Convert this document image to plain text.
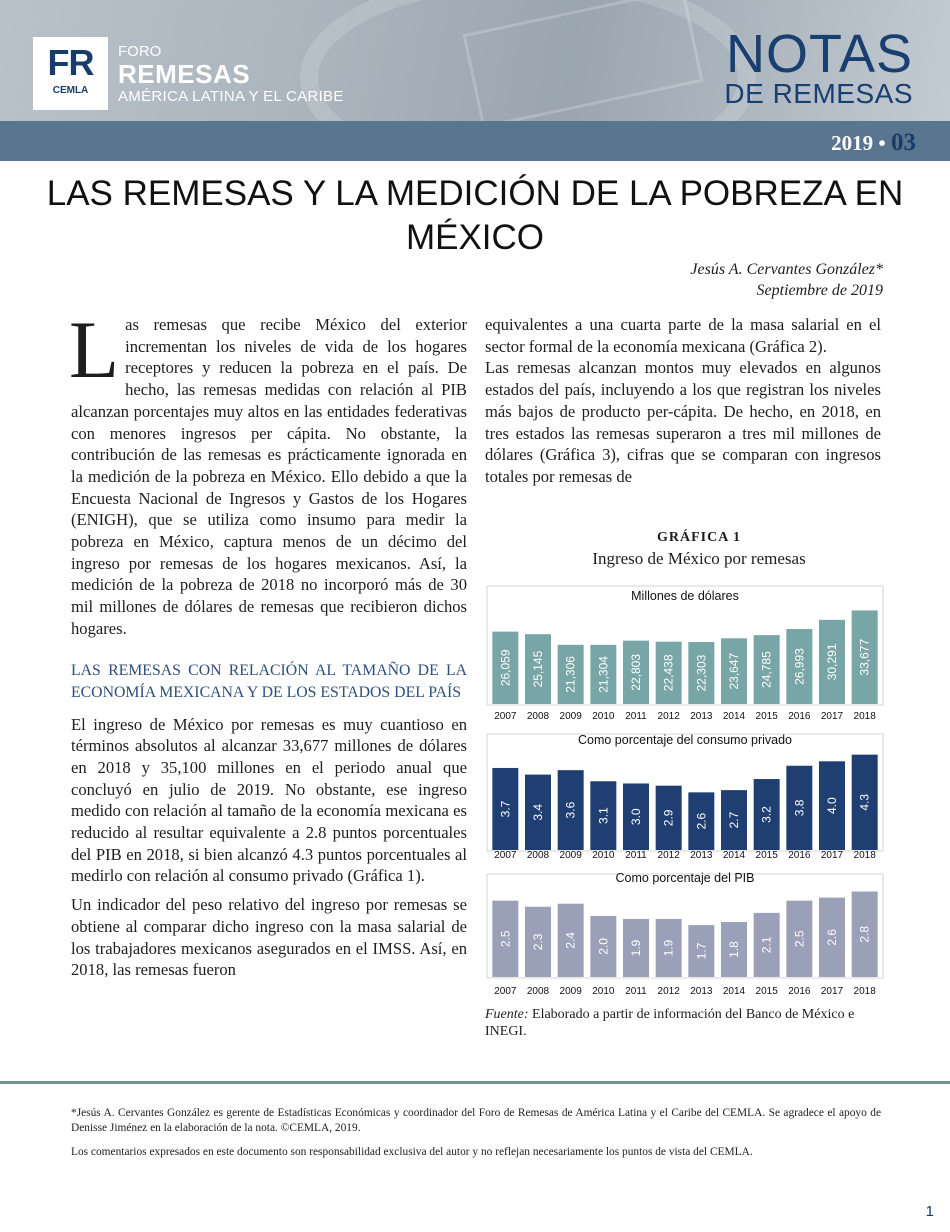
FR
CEMLA
FORO
REMESAS
AMÉRICA LATINA Y EL CARIBE
NOTAS
DE REMESAS
2019 • 03
LAS REMESAS Y LA MEDICIÓN DE LA POBREZA EN MÉXICO
Jesús A. Cervantes González*
Septiembre de 2019

Las remesas que recibe México del exterior incrementan los niveles de vida de los hogares receptores y reducen la pobreza en el país. De hecho, las remesas medidas con relación al PIB alcanzan porcentajes muy altos en las entidades federativas con menores ingresos per cápita. No obstante, la contribución de las remesas es prácticamente ignorada en la medición de la pobreza en México. Ello debido a que la Encuesta Nacional de Ingresos y Gastos de los Hogares (ENIGH), que se utiliza como insumo para medir la pobreza en México, captura menos de un décimo del ingreso por remesas de los hogares mexicanos. Así, la medición de la pobreza de 2018 no incorporó más de 30 mil millones de dólares de remesas que recibieron dichos hogares.

LAS REMESAS CON RELACIÓN AL TAMAÑO DE LA ECONOMÍA MEXICANA Y DE LOS ESTADOS DEL PAÍS

El ingreso de México por remesas es muy cuantioso en términos absolutos al alcanzar 33,677 millones de dólares en 2018 y 35,100 millones en el periodo anual que concluyó en julio de 2019. No obstante, ese ingreso medido con relación al tamaño de la economía mexicana es reducido al resultar equivalente a 2.8 puntos porcentuales del PIB en 2018, si bien alcanzó 4.3 puntos porcentuales al medirlo con relación al consumo privado (Gráfica 1).

Un indicador del peso relativo del ingreso por remesas se obtiene al comparar dicho ingreso con la masa salarial de los trabajadores mexicanos asegurados en el IMSS. Así, en 2018, las remesas fueron

equivalentes a una cuarta parte de la masa salarial en el sector formal de la economía mexicana (Gráfica 2).

Las remesas alcanzan montos muy elevados en algunos estados del país, incluyendo a los que registran los niveles más bajos de producto per-cápita. De hecho, en 2018, en tres estados las remesas superaron a tres mil millones de dólares (Gráfica 3), cifras que se comparan con ingresos totales por remesas de

GRÁFICA 1
Ingreso de México por remesas
Millones de dólares
26,059
2007
25,145
2008
21,306
2009
21,304
2010
22,803
2011
22,438
2012
22,303
2013
23,647
2014
24,785
2015
26,993
2016
30,291
2017
33,677
2018
Como porcentaje del consumo privado
3.7
2007
3.4
2008
3.6
2009
3.1
2010
3.0
2011
2.9
2012
2.6
2013
2.7
2014
3.2
2015
3.8
2016
4.0
2017
4.3
2018
Como porcentaje del PIB
2.5
2007
2.3
2008
2.4
2009
2.0
2010
1.9
2011
1.9
2012
1.7
2013
1.8
2014
2.1
2015
2.5
2016
2.6
2017
2.8
2018
Fuente: Elaborado a partir de información del Banco de México e INEGI.

*Jesús A. Cervantes González es gerente de Estadísticas Económicas y coordinador del Foro de Remesas de América Latina y el Caribe del CEMLA. Se agradece el apoyo de Denisse Jiménez en la elaboración de la nota. ©CEMLA, 2019.

Los comentarios expresados en este documento son responsabilidad exclusiva del autor y no reflejan necesariamente los puntos de vista del CEMLA.

1
